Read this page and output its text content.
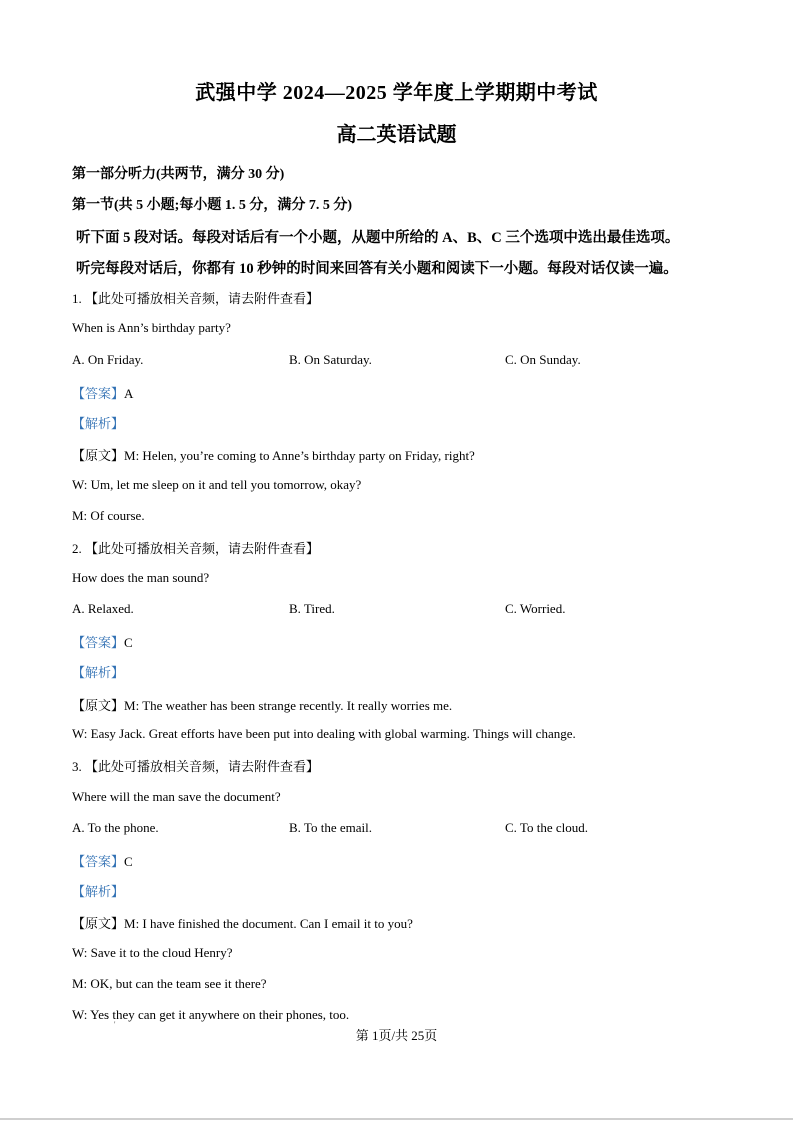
武强中学 2024—2025 学年度上学期期中考试
高二英语试题
第一部分听力(共两节，满分 30 分)
第一节(共 5 小题;每小题 1. 5 分，满分 7. 5 分)
听下面 5 段对话。每段对话后有一个小题，从题中所给的 A、B、C 三个选项中选出最佳选项。
听完每段对话后，你都有 10 秒钟的时间来回答有关小题和阅读下一小题。每段对话仅读一遍。
1. 【此处可播放相关音频，请去附件查看】
When is Ann’s birthday party?
A. On Friday.	B. On Saturday.	C. On Sunday.
【答案】A
【解析】
【原文】M: Helen, you’re coming to Anne’s birthday party on Friday, right?
W: Um, let me sleep on it and tell you tomorrow, okay?
M: Of course.
2. 【此处可播放相关音频，请去附件查看】
How does the man sound?
A. Relaxed.	B. Tired.	C. Worried.
【答案】C
【解析】
【原文】M: The weather has been strange recently. It really worries me.
W: Easy Jack. Great efforts have been put into dealing with global warming. Things will change.
3. 【此处可播放相关音频，请去附件查看】
Where will the man save the document?
A. To the phone.	B. To the email.	C. To the cloud.
【答案】C
【解析】
【原文】M: I have finished the document. Can I email it to you?
W: Save it to the cloud Henry?
M: OK, but can the team see it there?
W: Yes they can get it anywhere on their phones, too.
'
第 1页/共 25页
